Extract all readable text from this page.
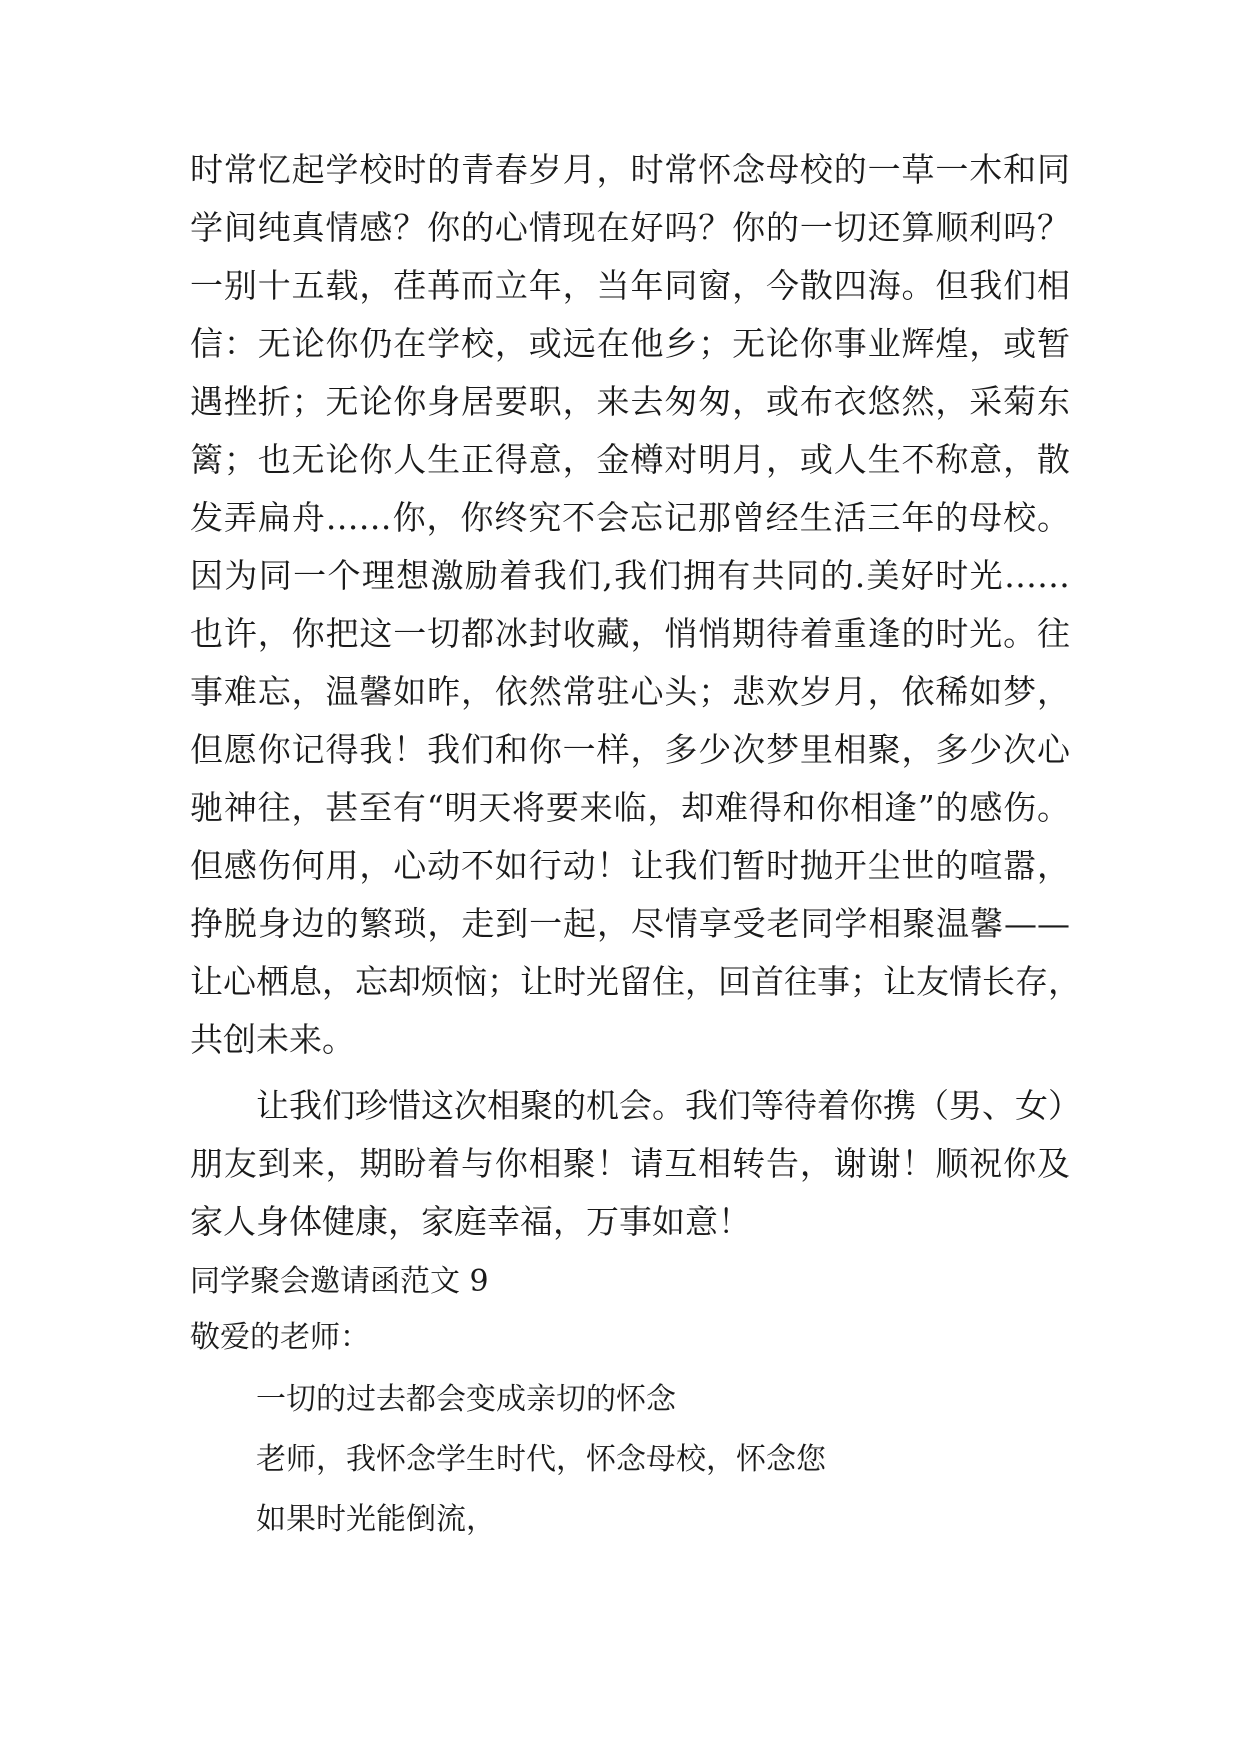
时常忆起学校时的青春岁月，时常怀念母校的一草一木和同
学间纯真情感？你的心情现在好吗？你的一切还算顺利吗？
一别十五载，荏苒而立年，当年同窗，今散四海。但我们相
信：无论你仍在学校，或远在他乡；无论你事业辉煌，或暂
遇挫折；无论你身居要职，来去匆匆，或布衣悠然，采菊东
篱；也无论你人生正得意，金樽对明月，或人生不称意，散
发弄扁舟……你，你终究不会忘记那曾经生活三年的母校。
因为同一个理想激励着我们,我们拥有共同的.美好时光……
也许，你把这一切都冰封收藏，悄悄期待着重逢的时光。往
事难忘，温馨如昨，依然常驻心头；悲欢岁月，依稀如梦，
但愿你记得我！我们和你一样，多少次梦里相聚，多少次心
驰神往，甚至有“明天将要来临，却难得和你相逢”的感伤。
但感伤何用，心动不如行动！让我们暂时抛开尘世的喧嚣，
挣脱身边的繁琐，走到一起，尽情享受老同学相聚温馨——
让心栖息，忘却烦恼；让时光留住，回首往事；让友情长存，
共创未来。
让我们珍惜这次相聚的机会。我们等待着你携（男、女）
朋友到来，期盼着与你相聚！请互相转告，谢谢！顺祝你及
家人身体健康，家庭幸福，万事如意！
同学聚会邀请函范文 9
敬爱的老师：
一切的过去都会变成亲切的怀念
老师，我怀念学生时代，怀念母校，怀念您
如果时光能倒流，
